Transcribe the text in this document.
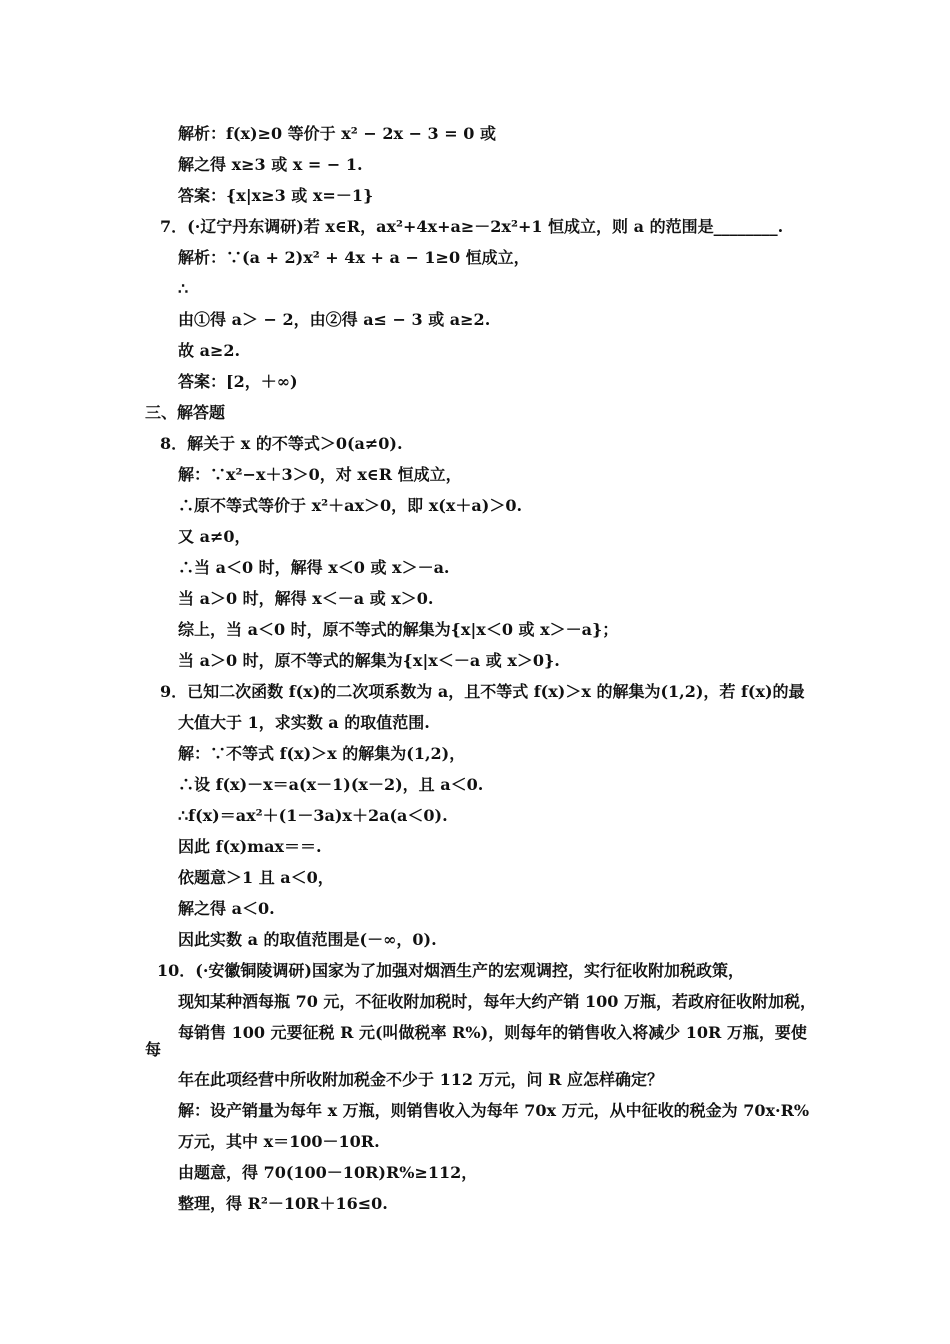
解析：f(x)≥0 等价于 x² − 2x − 3 = 0 或
解之得 x≥3 或 x = − 1.
答案：{x|x≥3 或 x=－1}
7．(·辽宁丹东调研)若 x∈R，ax²+4x+a≥－2x²+1 恒成立，则 a 的范围是________.
解析：∵(a + 2)x² + 4x + a − 1≥0 恒成立，
∴
由①得 a＞ − 2，由②得 a≤ − 3 或 a≥2.
故 a≥2.
答案：[2，＋∞)
三、解答题
8．解关于 x 的不等式＞0(a≠0).
解：∵x²−x＋3＞0，对 x∈R 恒成立，
∴原不等式等价于 x²＋ax＞0，即 x(x＋a)＞0.
又 a≠0，
∴当 a＜0 时，解得 x＜0 或 x＞－a.
当 a＞0 时，解得 x＜－a 或 x＞0.
综上，当 a＜0 时，原不等式的解集为{x|x＜0 或 x＞－a}；
当 a＞0 时，原不等式的解集为{x|x＜－a 或 x＞0}.
9．已知二次函数 f(x)的二次项系数为 a，且不等式 f(x)＞x 的解集为(1,2)，若 f(x)的最
大值大于 1，求实数 a 的取值范围.
解：∵不等式 f(x)＞x 的解集为(1,2)，
∴设 f(x)－x＝a(x－1)(x－2)，且 a＜0.
∴f(x)＝ax²＋(1－3a)x＋2a(a＜0).
因此 f(x)max＝＝.
依题意＞1 且 a＜0，
解之得 a＜0.
因此实数 a 的取值范围是(－∞，0).
10．(·安徽铜陵调研)国家为了加强对烟酒生产的宏观调控，实行征收附加税政策，
现知某种酒每瓶 70 元，不征收附加税时，每年大约产销 100 万瓶，若政府征收附加税，
每销售 100 元要征税 R 元(叫做税率 R%)，则每年的销售收入将减少 10R 万瓶，要使
每
年在此项经营中所收附加税金不少于 112 万元，问 R 应怎样确定？
解：设产销量为每年 x 万瓶，则销售收入为每年 70x 万元，从中征收的税金为 70x·R%
万元，其中 x＝100－10R.
由题意，得 70(100－10R)R%≥112，
整理，得 R²－10R＋16≤0.
